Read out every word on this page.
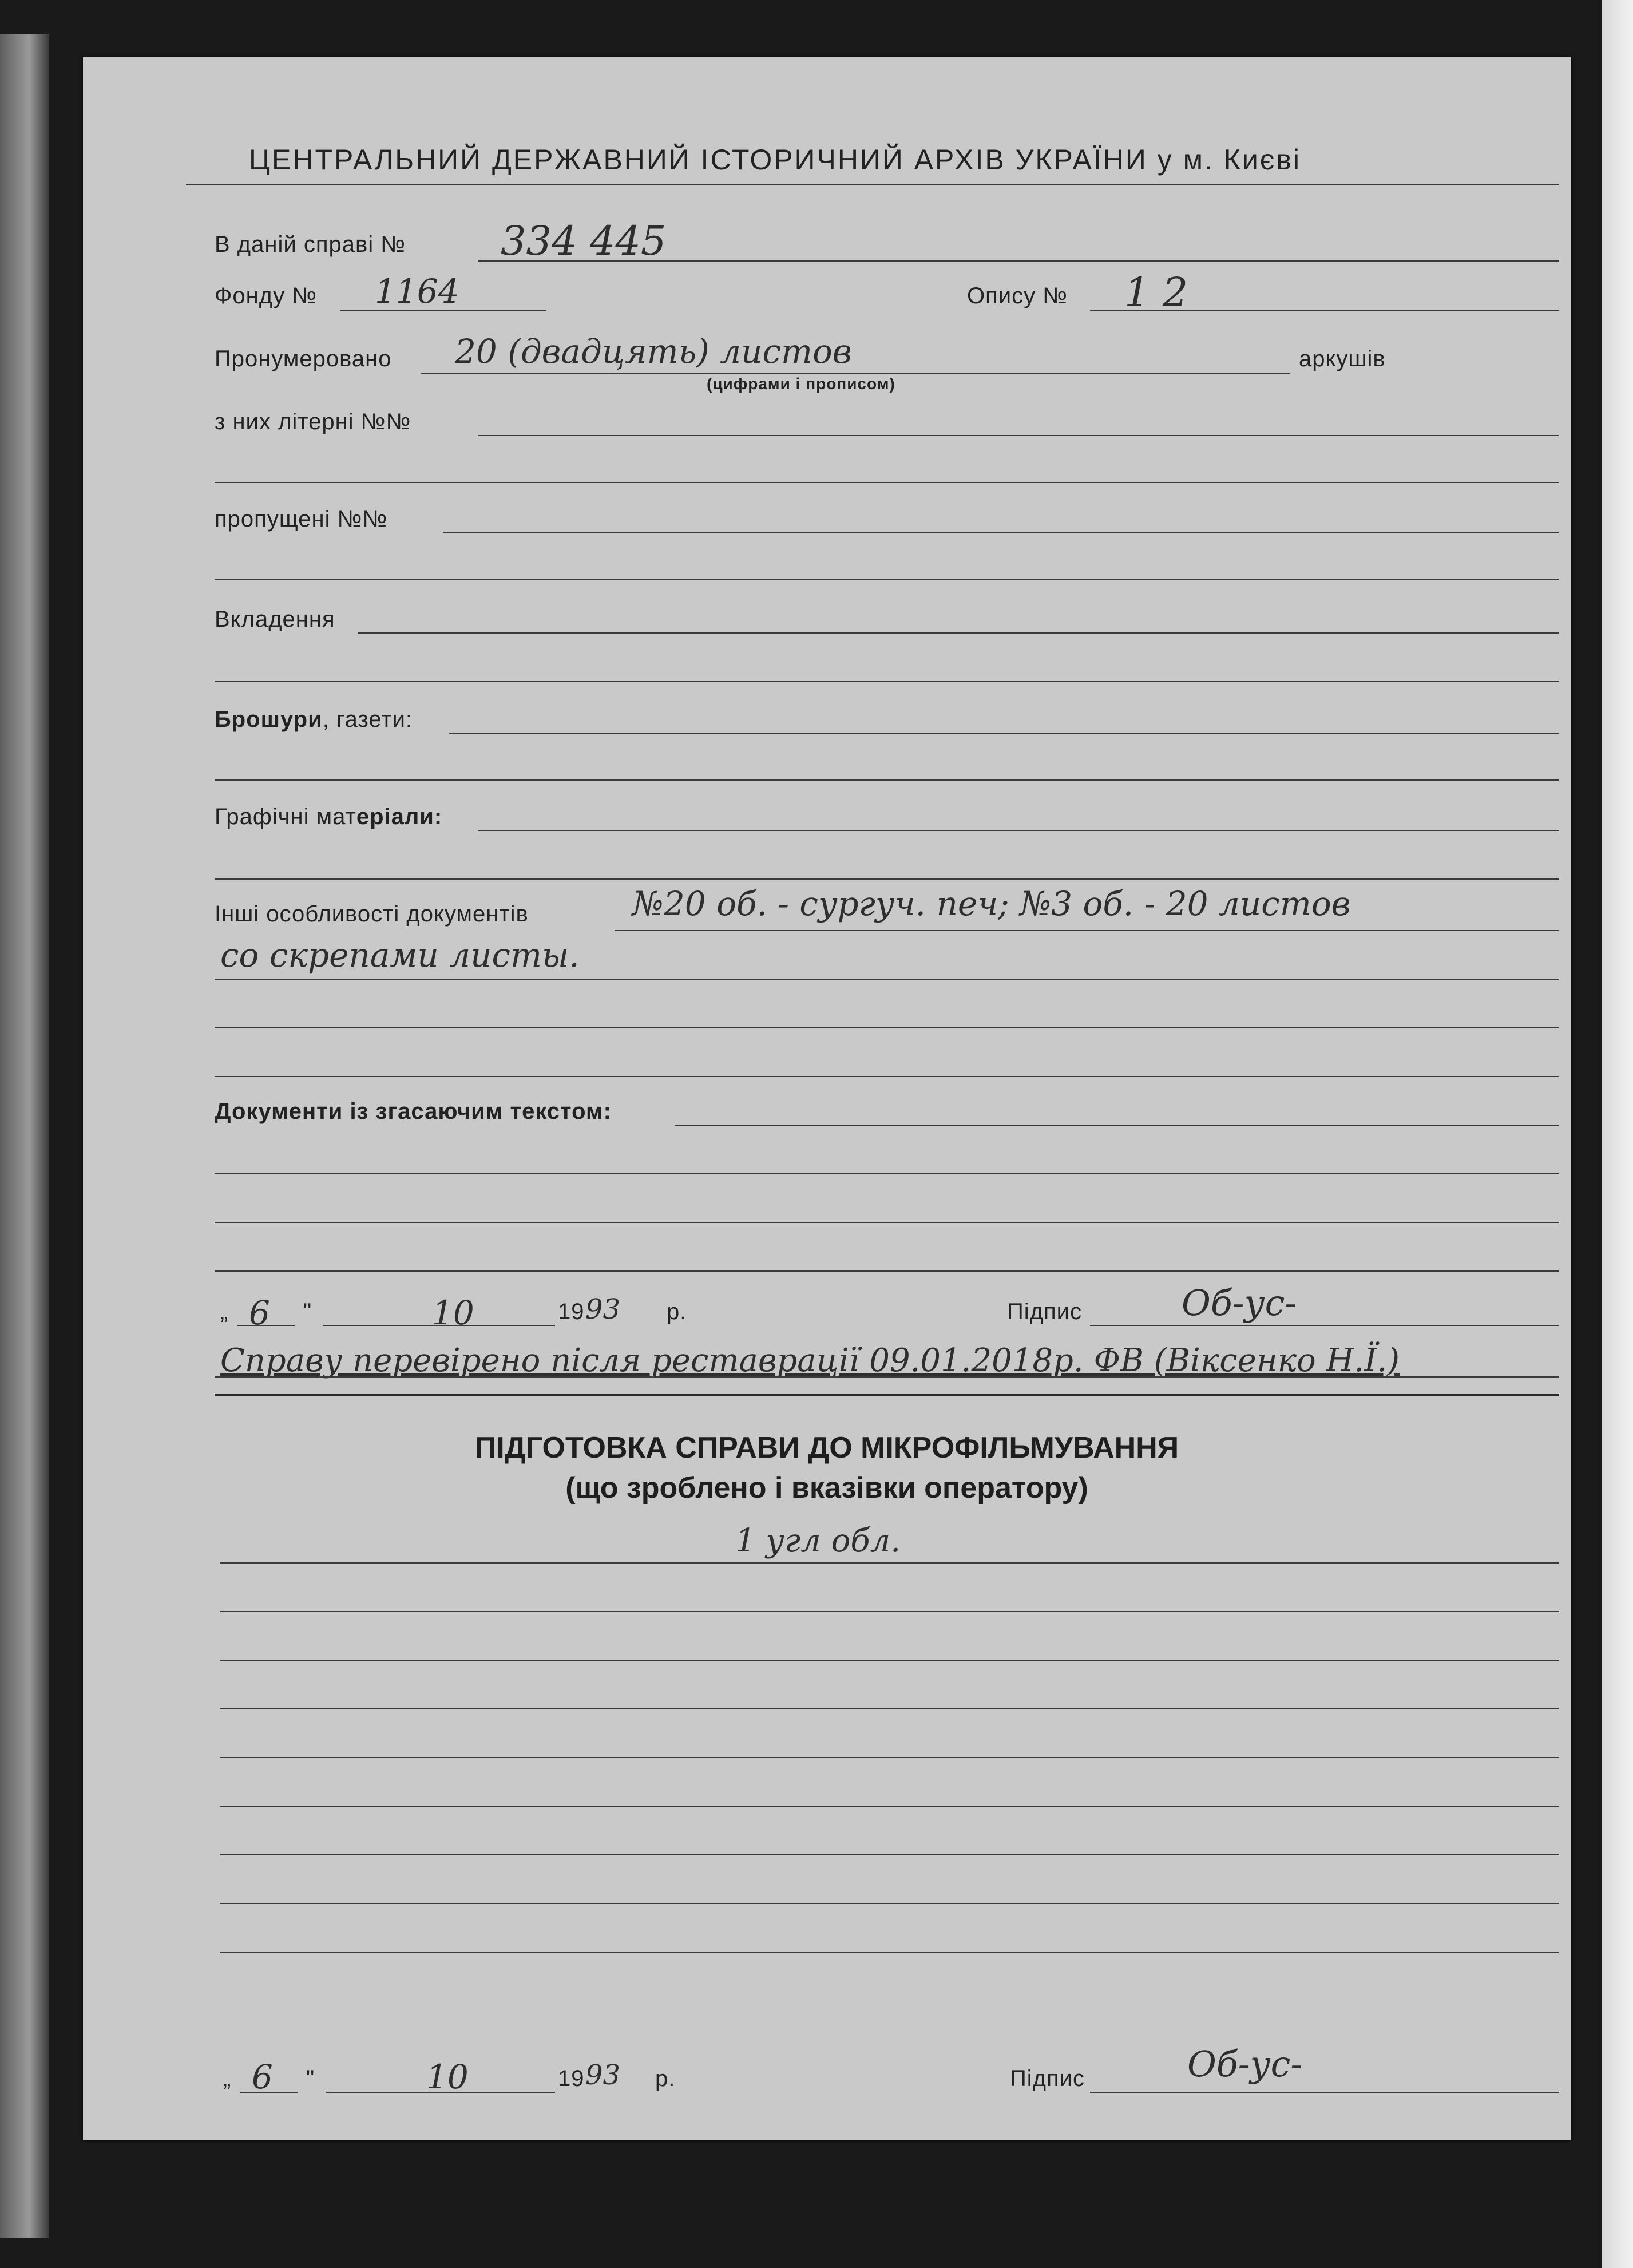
ЦЕНТРАЛЬНИЙ ДЕРЖАВНИЙ ІСТОРИЧНИЙ АРХІВ УКРАЇНИ у м. Києві
В даній справі № 334 445
Фонду № 1164	Опису № 1 2
Пронумеровано 20 (двадцять) листов
(цифрами і прописом)
аркушів
з них літерні №№
пропущені №№
Вкладення
Брошури, газети:
Графічні матеріали:
Інші особливості документів	№20 об. - сургуч. печ; №3 об. - 20 листов
со скрепами листы.
Документи із згасаючим текстом:
„ 6 "	10	19 93 р.	Підпис	Об-ус-
Справу перевірено після реставрації 09.01.2018р. ФВ (Віксенко Н.Ї.)
ПІДГОТОВКА СПРАВИ ДО МІКРОФІЛЬМУВАННЯ
(що зроблено і вказівки оператору)
1 угл обл.
„ 6 "	10	19 93 р.	Підпис	Об-ус-
